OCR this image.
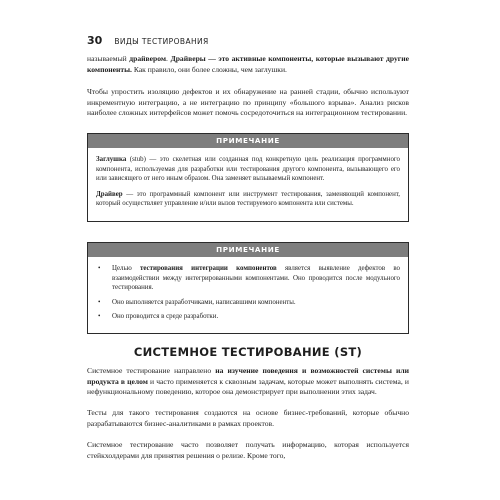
30 ВИДЫ ТЕСТИРОВАНИЯ

называемый драйвером. Драйверы — это активные компоненты, которые вызывают другие компоненты. Как правило, они более сложны, чем заглушки.

Чтобы упростить изоляцию дефектов и их обнаружение на ранней стадии, обычно используют инкрементную интеграцию, а не интеграцию по принципу «большого взрыва». Анализ рисков наиболее сложных интерфейсов может помочь сосредоточиться на интеграционном тестировании.

ПРИМЕЧАНИЕ

Заглушка (stub) — это скелетная или созданная под конкретную цель реализация программного компонента, используемая для разработки или тестирования другого компонента, вызывающего его или зависящего от него иным образом. Она заменяет вызываемый компонент.

Драйвер — это программный компонент или инструмент тестирования, заменяющий компонент, который осуществляет управление и/или вызов тестируемого компонента или системы.

ПРИМЕЧАНИЕ
• Целью тестирования интеграции компонентов является выявление дефектов во взаимодействии между интегрированными компонентами. Оно проводится после модульного тестирования.
• Оно выполняется разработчиками, написавшими компоненты.
• Оно проводится в среде разработки.
СИСТЕМНОЕ ТЕСТИРОВАНИЕ (ST)

Системное тестирование направлено на изучение поведения и возможностей системы или продукта в целом и часто применяется к сквозным задачам, которые может выполнять система, и нефункциональному поведению, которое она демонстрирует при выполнении этих задач.

Тесты для такого тестирования создаются на основе бизнес-требований, которые обычно разрабатываются бизнес-аналитиками в рамках проектов.

Системное тестирование часто позволяет получать информацию, которая используется стейкхолдерами для принятия решения о релизе. Кроме того,
